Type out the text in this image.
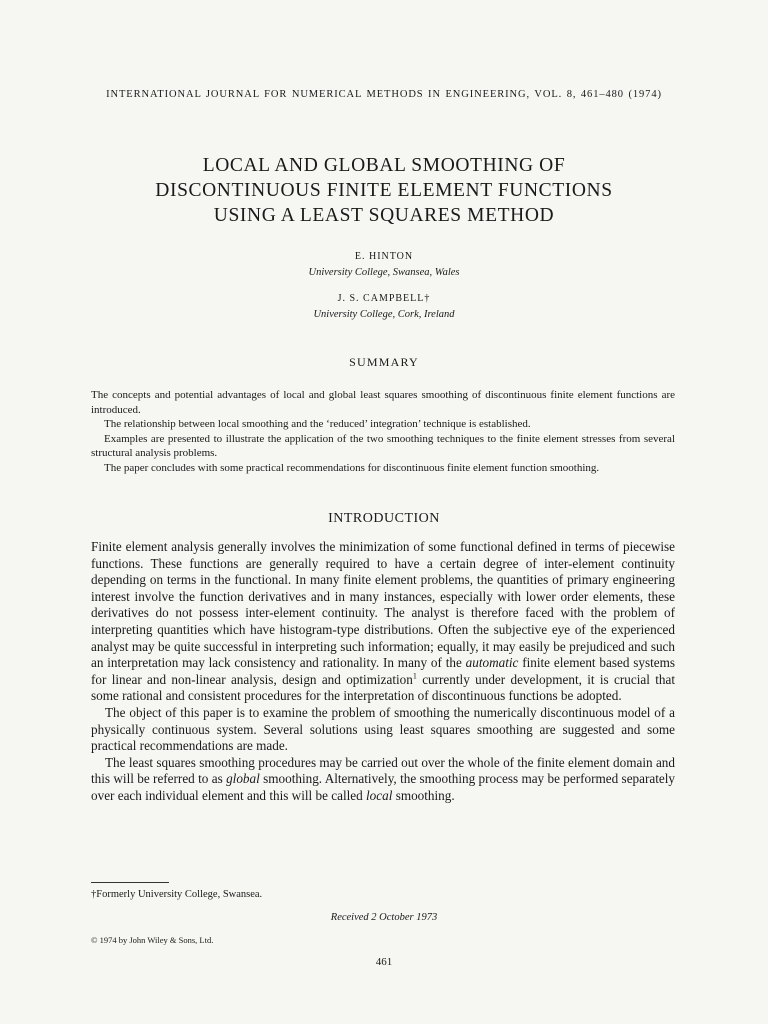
INTERNATIONAL JOURNAL FOR NUMERICAL METHODS IN ENGINEERING, VOL. 8, 461–480 (1974)
LOCAL AND GLOBAL SMOOTHING OF
DISCONTINUOUS FINITE ELEMENT FUNCTIONS
USING A LEAST SQUARES METHOD
E. HINTON
University College, Swansea, Wales
J. S. CAMPBELL†
University College, Cork, Ireland
SUMMARY

The concepts and potential advantages of local and global least squares smoothing of discontinuous finite element functions are introduced.

The relationship between local smoothing and the ‘reduced’ integration’ technique is established.

Examples are presented to illustrate the application of the two smoothing techniques to the finite element stresses from several structural analysis problems.

The paper concludes with some practical recommendations for discontinuous finite element function smoothing.

INTRODUCTION

Finite element analysis generally involves the minimization of some functional defined in terms of piecewise functions. These functions are generally required to have a certain degree of inter-element continuity depending on terms in the functional. In many finite element problems, the quantities of primary engineering interest involve the function derivatives and in many instances, especially with lower order elements, these derivatives do not possess inter-element continuity. The analyst is therefore faced with the problem of interpreting quantities which have histogram-type distributions. Often the subjective eye of the experienced analyst may be quite successful in interpreting such information; equally, it may easily be prejudiced and such an interpretation may lack consistency and rationality. In many of the automatic finite element based systems for linear and non-linear analysis, design and optimization$^1$ currently under development, it is crucial that some rational and consistent procedures for the interpretation of discontinuous functions be adopted.

The object of this paper is to examine the problem of smoothing the numerically discontinuous model of a physically continuous system. Several solutions using least squares smoothing are suggested and some practical recommendations are made.

The least squares smoothing procedures may be carried out over the whole of the finite element domain and this will be referred to as global smoothing. Alternatively, the smoothing process may be performed separately over each individual element and this will be called local smoothing.

†Formerly University College, Swansea.
Received 2 October 1973
© 1974 by John Wiley & Sons, Ltd.
461
